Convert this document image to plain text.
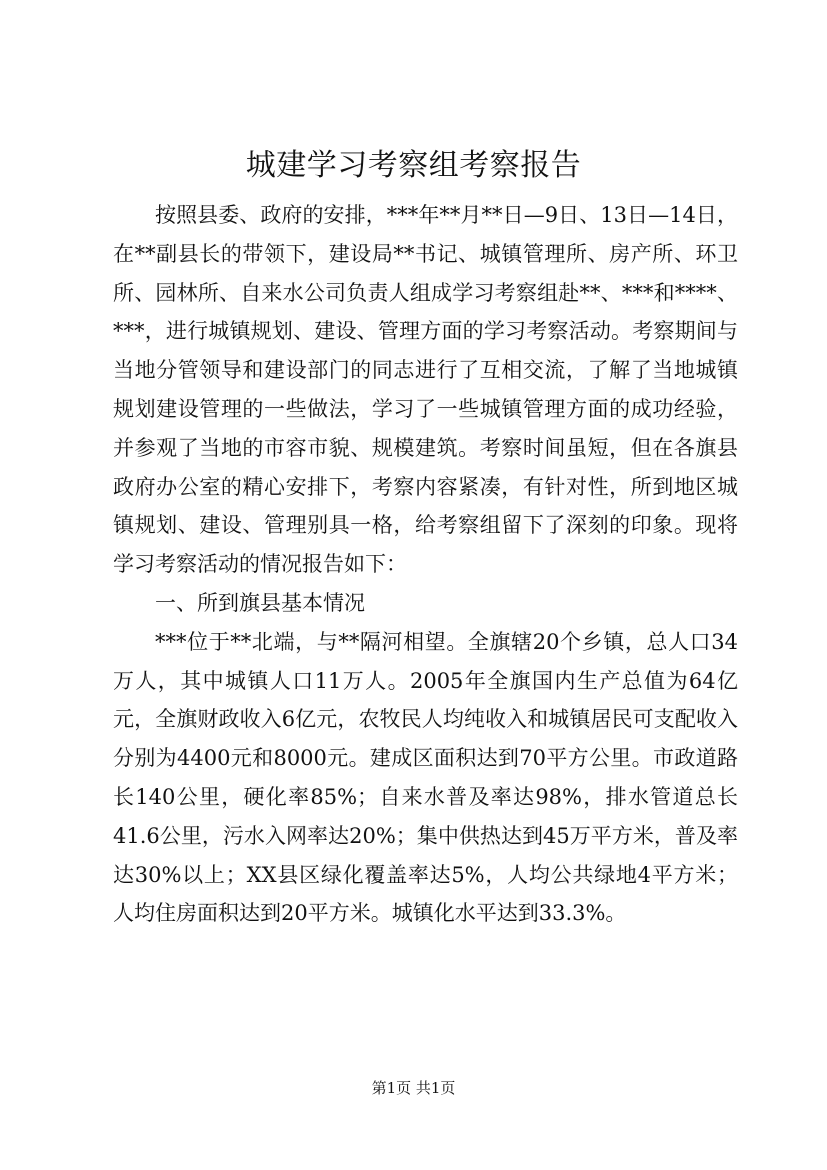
城建学习考察组考察报告

按照县委、政府的安排，***年**月**日—9日、13日—14日，在**副县长的带领下，建设局**书记、城镇管理所、房产所、环卫所、园林所、自来水公司负责人组成学习考察组赴**、***和****、***，进行城镇规划、建设、管理方面的学习考察活动。考察期间与当地分管领导和建设部门的同志进行了互相交流，了解了当地城镇规划建设管理的一些做法，学习了一些城镇管理方面的成功经验，并参观了当地的市容市貌、规模建筑。考察时间虽短，但在各旗县政府办公室的精心安排下，考察内容紧凑，有针对性，所到地区城镇规划、建设、管理别具一格，给考察组留下了深刻的印象。现将学习考察活动的情况报告如下：

一、所到旗县基本情况

***位于**北端，与**隔河相望。全旗辖20个乡镇，总人口34万人，其中城镇人口11万人。2005年全旗国内生产总值为64亿元，全旗财政收入6亿元，农牧民人均纯收入和城镇居民可支配收入分别为4400元和8000元。建成区面积达到70平方公里。市政道路长140公里，硬化率85%；自来水普及率达98%，排水管道总长41.6公里，污水入网率达20%；集中供热达到45万平方米，普及率达30%以上；XX县区绿化覆盖率达5%，人均公共绿地4平方米；人均住房面积达到20平方米。城镇化水平达到33.3%。

第1页 共1页
